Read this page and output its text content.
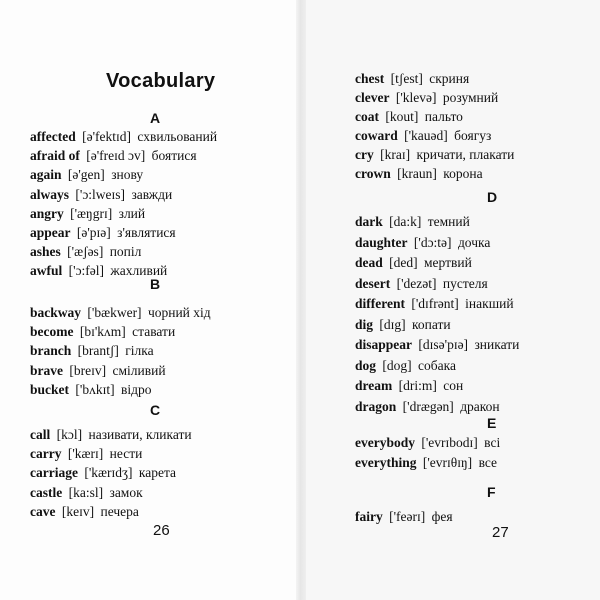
Vocabulary
26	27
A
affected [ə'fektɪd] схвильований
afraid of [ə'freɪd ɔv] боятися
again [ə'gen] знову
always ['ɔ:lweɪs] завжди
angry ['æŋgrɪ] злий
appear [ə'pɪə] з'являтися
ashes ['æʃəs] попіл
awful ['ɔ:fəl] жахливий
B
backway ['bækwer] чорний хід
become [bɪ'kʌm] ставати
branch [brantʃ] гілка
brave [breɪv] сміливий
bucket ['bʌkɪt] відро
C
call [kɔl] називати, кликати
carry ['kærɪ] нести
carriage ['kærɪdʒ] карета
castle [ka:sl] замок
cave [keɪv] печера
chest [tʃest] скриня
clever ['klevə] розумний
coat [kout] пальто
coward ['kauəd] боягуз
cry [kraɪ] кричати, плакати
crown [kraun] корона
D
dark [da:k] темний
daughter ['dɔ:tə] дочка
dead [ded] мертвий
desert ['dezət] пустеля
different ['dɪfrənt] інакший
dig [dɪg] копати
disappear [dɪsə'pɪə] зникати
dog [dog] собака
dream [dri:m] сон
dragon ['drægən] дракон
E
everybody ['evrɪbodɪ] всі
everything ['evrɪθɪŋ] все
F
fairy ['feərɪ] фея
